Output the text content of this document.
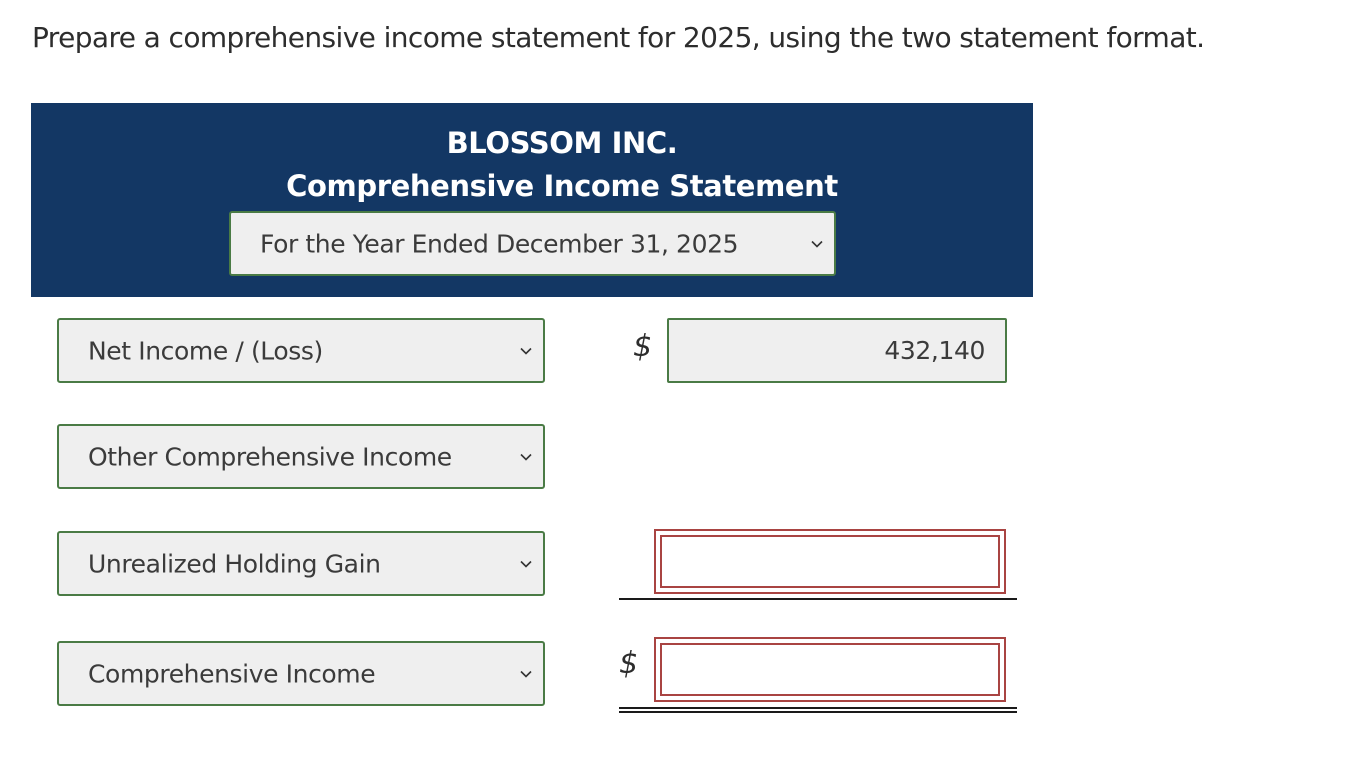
Prepare a comprehensive income statement for 2025, using the two statement format.
BLOSSOM INC.
Comprehensive Income Statement
For the Year Ended December 31, 2025
Net Income / (Loss)	$	432,140
Other Comprehensive Income
Unrealized Holding Gain
Comprehensive Income	$
